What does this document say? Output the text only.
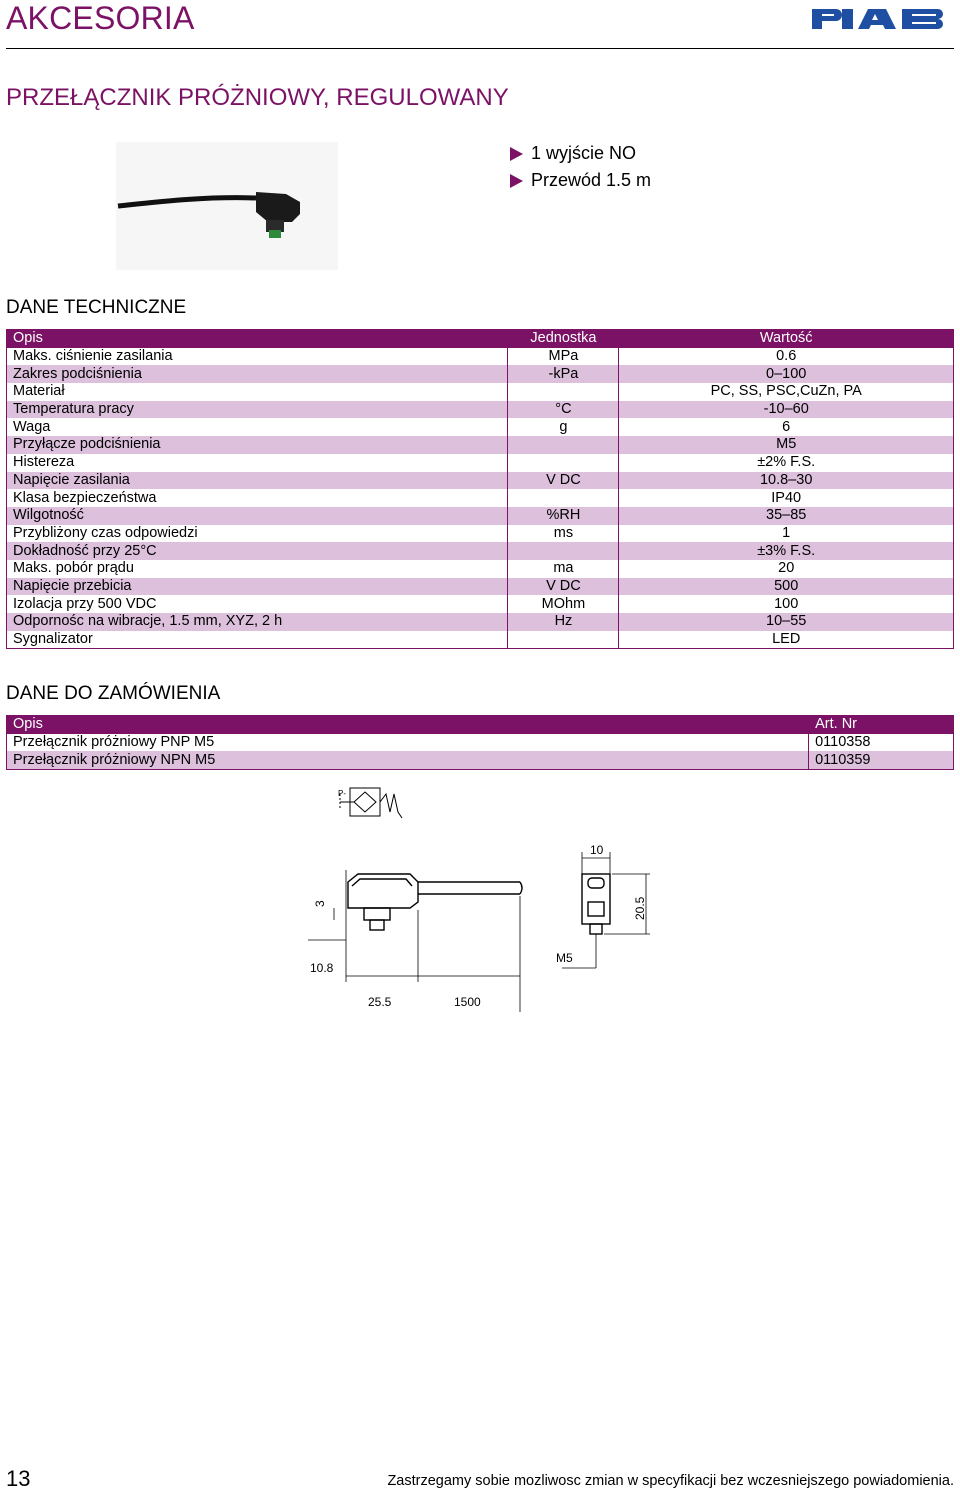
AKCESORIA
PRZEŁĄCZNIK PRÓŻNIOWY, REGULOWANY
1 wyjście NO
Przewód 1.5 m
DANE TECHNICZNE
Opis	Jednostka	Wartość
Maks. ciśnienie zasilania	MPa	0.6
Zakres podciśnienia	-kPa	0–100
Materiał		PC, SS, PSC,CuZn, PA
Temperatura pracy	°C	-10–60
Waga	g	6
Przyłącze podciśnienia		M5
Histereza		±2% F.S.
Napięcie zasilania	V DC	10.8–30
Klasa bezpieczeństwa		IP40
Wilgotność	%RH	35–85
Przybliżony czas odpowiedzi	ms	1
Dokładność przy 25°C		±3% F.S.
Maks. pobór prądu	ma	20
Napięcie przebicia	V DC	500
Izolacja przy 500 VDC	MOhm	100
Odpornośc na wibracje, 1.5 mm, XYZ, 2 h	Hz	10–55
Sygnalizator		LED
DANE DO ZAMÓWIENIA
Opis	Art. Nr
Przełącznik próżniowy PNP M5	0110358
Przełącznik próżniowy NPN M5	0110359
P-
3
10.8
25.5	1500
10
20.5
M5
13	Zastrzegamy sobie mozliwosc zmian w specyfikacji bez wczesniejszego powiadomienia.
